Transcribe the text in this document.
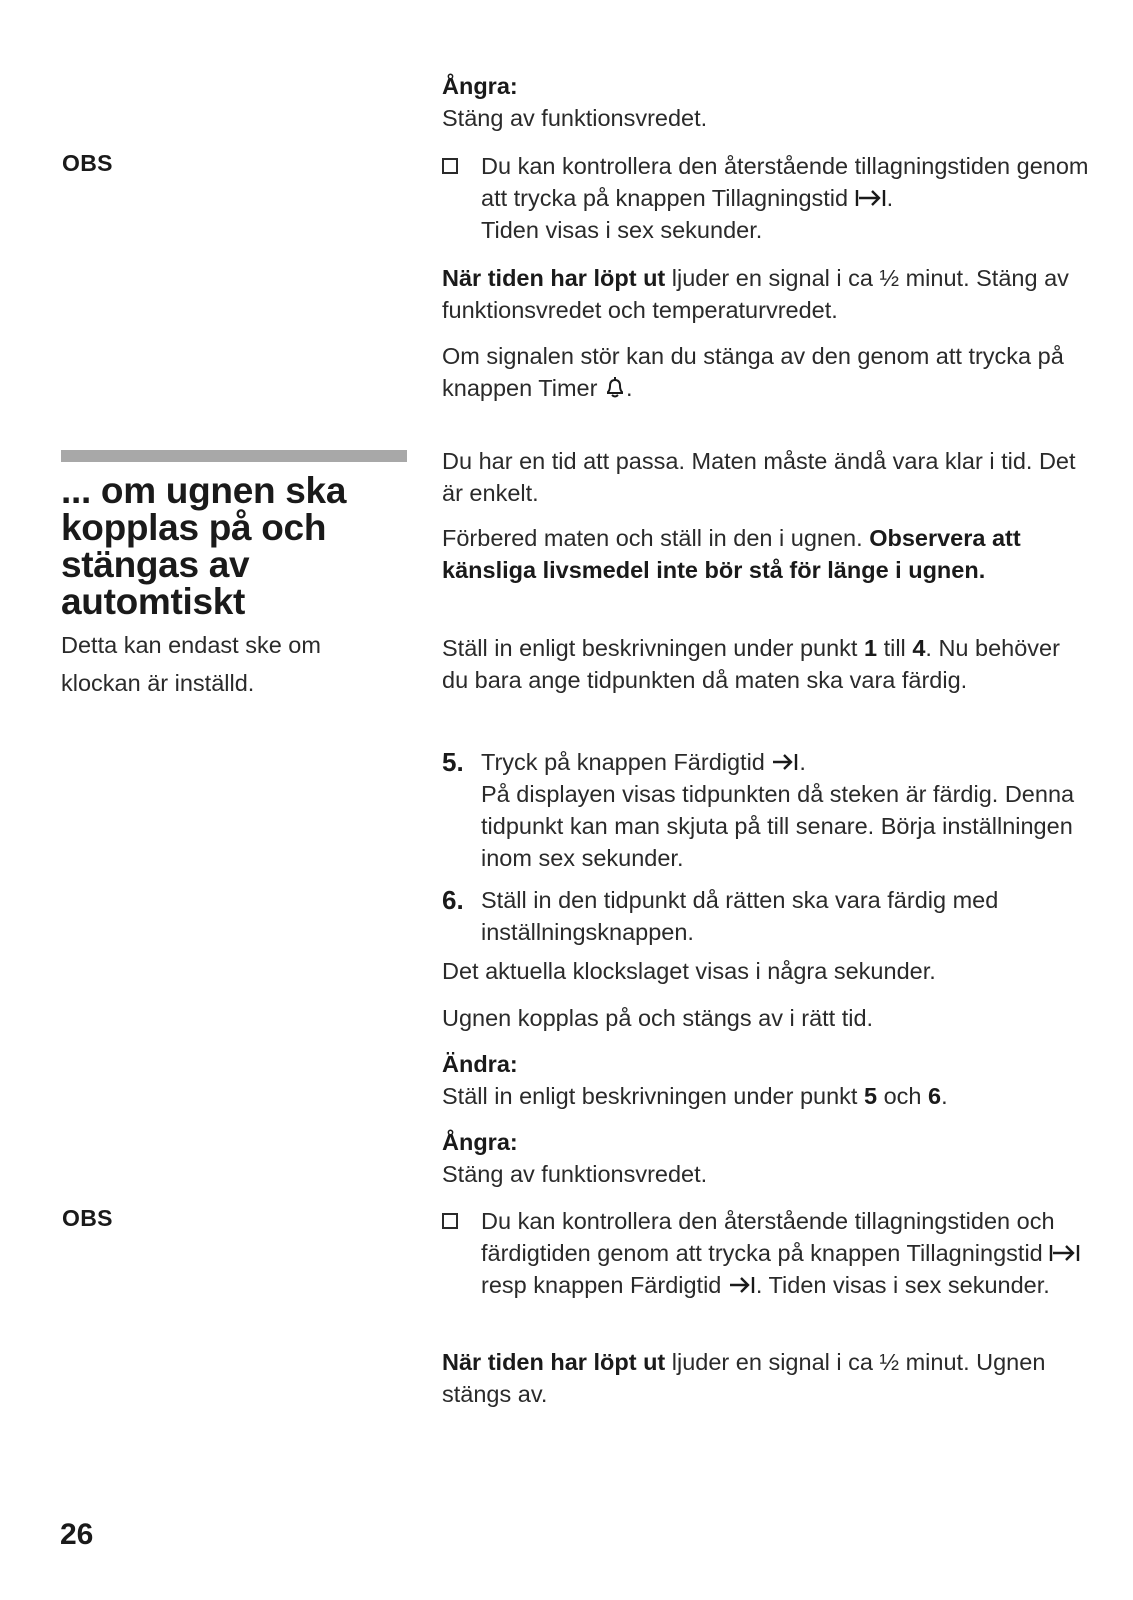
Ångra:

Stäng av funktionsvredet.

OBS	Du kan kontrollera den återstående tillagningstiden genom att trycka på knappen Tillagningstid .
Tiden visas i sex sekunder.

När tiden har löpt ut ljuder en signal i ca ½ minut. Stäng av funktionsvredet och temperaturvredet.

Om signalen stör kan du stänga av den genom att trycka på knappen Timer .

... om ugnen ska kopplas på och stängas av automtiskt

Detta kan endast ske om klockan är inställd.

Du har en tid att passa. Maten måste ändå vara klar i tid. Det är enkelt.

Förbered maten och ställ in den i ugnen. Observera att känsliga livsmedel inte bör stå för länge i ugnen.

Ställ in enligt beskrivningen under punkt 1 till 4. Nu behöver du bara ange tidpunkten då maten ska vara färdig.

5. Tryck på knappen Färdigtid .

På displayen visas tidpunkten då steken är färdig. Denna tidpunkt kan man skjuta på till senare. Börja inställningen inom sex sekunder.

6. Ställ in den tidpunkt då rätten ska vara färdig med inställningsknappen.

Det aktuella klockslaget visas i några sekunder.

Ugnen kopplas på och stängs av i rätt tid.

Ändra:

Ställ in enligt beskrivningen under punkt 5 och 6.

Ångra:

Stäng av funktionsvredet.

OBS	Du kan kontrollera den återstående tillagningstiden och färdigtiden genom att trycka på knappen Tillagningstid  resp knappen Färdigtid . Tiden visas i sex sekunder.

När tiden har löpt ut ljuder en signal i ca ½ minut. Ugnen stängs av.

26
